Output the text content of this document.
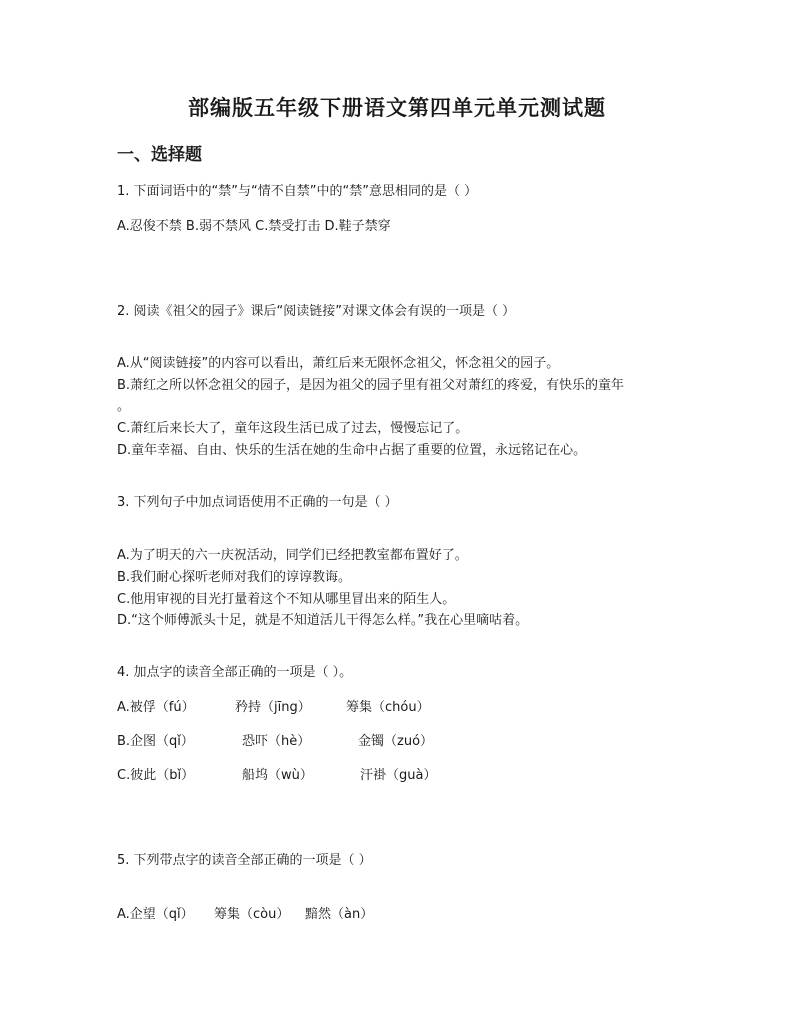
部编版五年级下册语文第四单元单元测试题
一、选择题
1. 下面词语中的“禁”与“情不自禁”中的“禁”意思相同的是（ ）
A.忍俊不禁 B.弱不禁风 C.禁受打击 D.鞋子禁穿
2. 阅读《祖父的园子》课后“阅读链接”对课文体会有误的一项是（ ）
A.从“阅读链接”的内容可以看出，萧红后来无限怀念祖父，怀念祖父的园子。
B.萧红之所以怀念祖父的园子，是因为祖父的园子里有祖父对萧红的疼爱，有快乐的童年
。
C.萧红后来长大了，童年这段生活已成了过去，慢慢忘记了。
D.童年幸福、自由、快乐的生活在她的生命中占据了重要的位置，永远铭记在心。
3. 下列句子中加点词语使用不正确的一句是（ ）
A.为了明天的六一庆祝活动，同学们已经把教室都布置好了。
B.我们耐心探听老师对我们的谆谆教诲。
C.他用审视的目光打量着这个不知从哪里冒出来的陌生人。
D.“这个师傅派头十足，就是不知道活儿干得怎么样。”我在心里嘀咕着。
4. 加点字的读音全部正确的一项是（ ）。
A.被俘（fú）	矜持（jīng）	筹集（chóu）
B.企图（qǐ）	恐吓（hè）	金镯（zuó）
C.彼此（bǐ）	船坞（wù）	汗褂（guà）
5. 下列带点字的读音全部正确的一项是（ ）
A.企望（qǐ） 筹集（còu） 黯然（àn）
